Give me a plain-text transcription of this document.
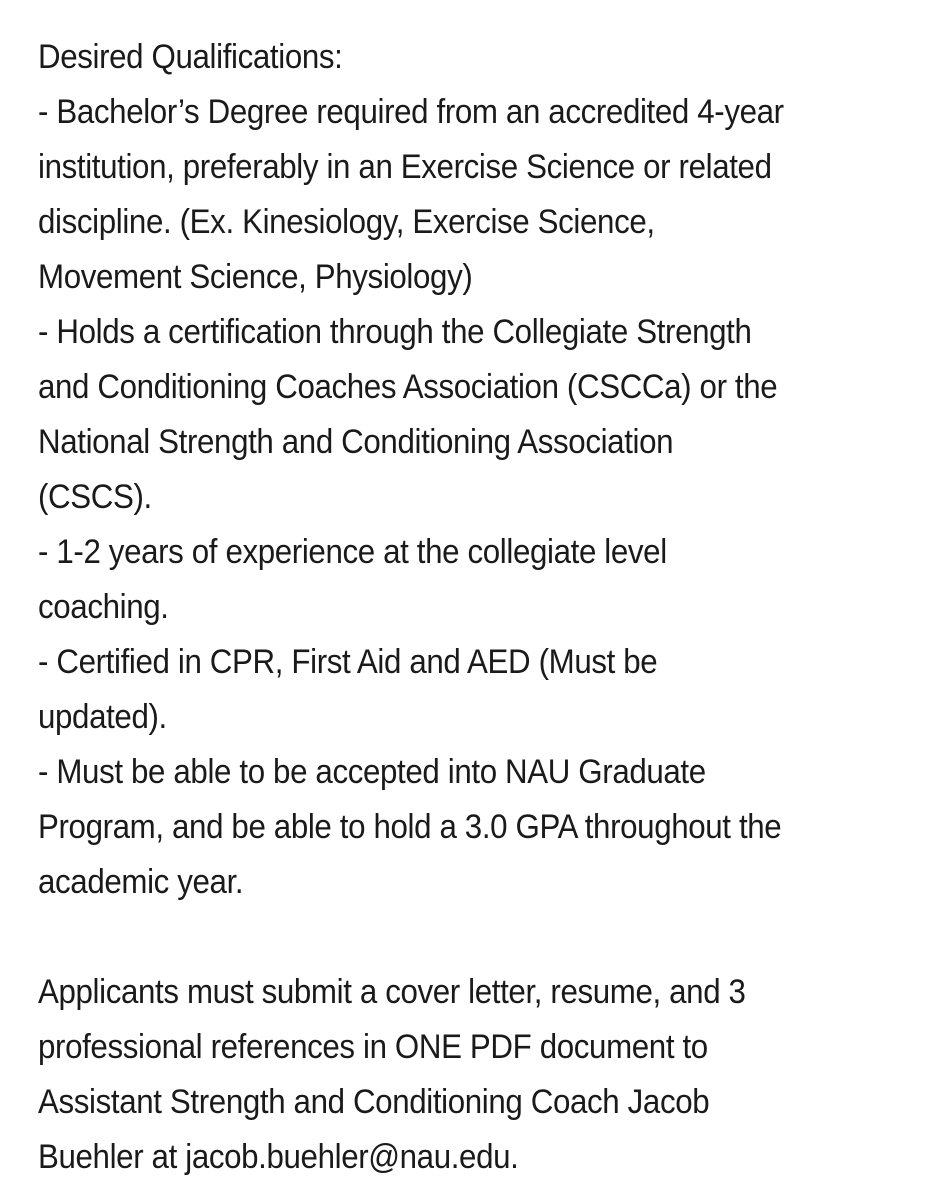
Desired Qualifications:
- Bachelor’s Degree required from an accredited 4-year
institution, preferably in an Exercise Science or related
discipline. (Ex. Kinesiology, Exercise Science,
Movement Science, Physiology)
- Holds a certification through the Collegiate Strength
and Conditioning Coaches Association (CSCCa) or the
National Strength and Conditioning Association
(CSCS).
- 1-2 years of experience at the collegiate level
coaching.
- Certified in CPR, First Aid and AED (Must be
updated).
- Must be able to be accepted into NAU Graduate
Program, and be able to hold a 3.0 GPA throughout the
academic year.
Applicants must submit a cover letter, resume, and 3
professional references in ONE PDF document to
Assistant Strength and Conditioning Coach Jacob
Buehler at jacob.buehler@nau.edu.
